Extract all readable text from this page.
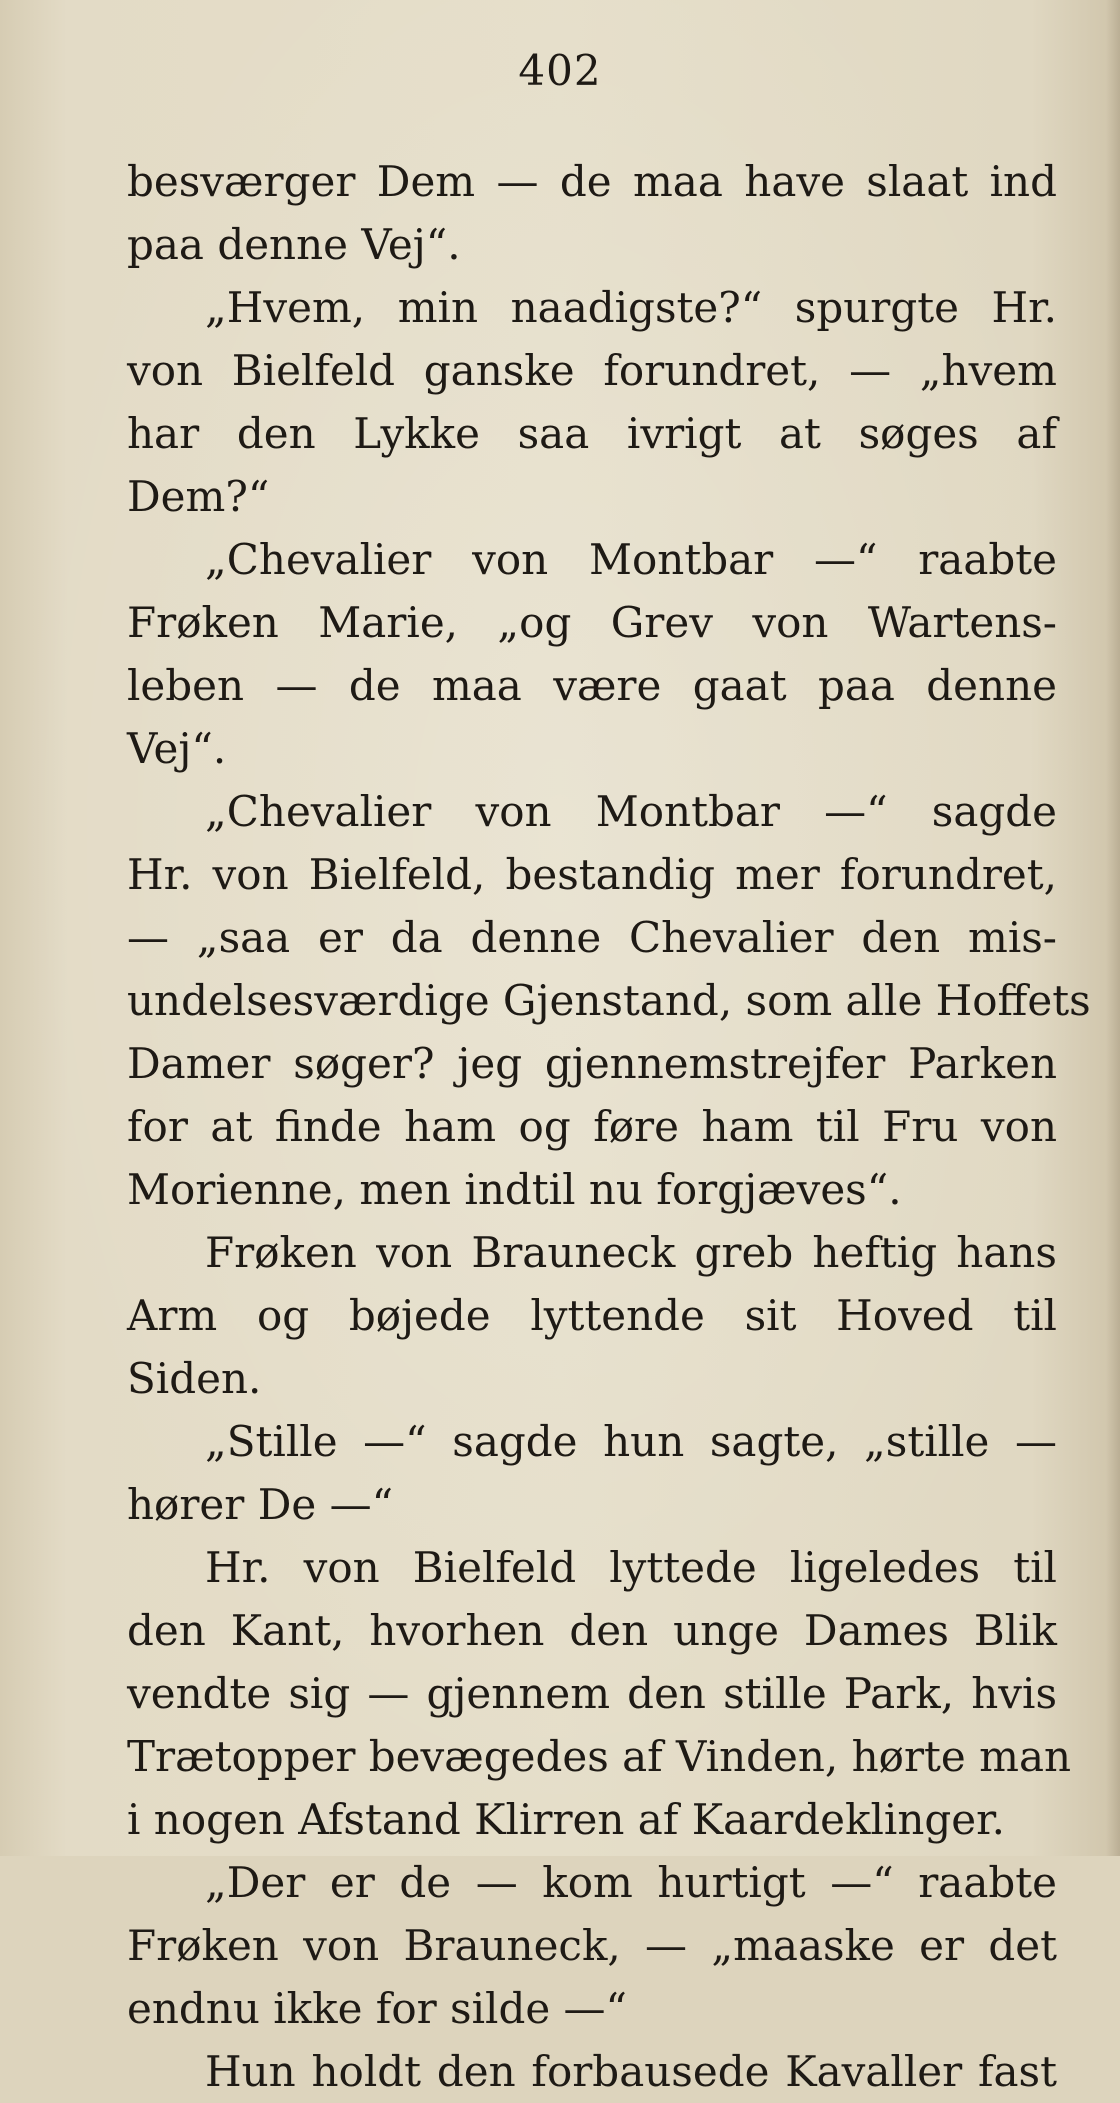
402
besværger Dem — de maa have slaat ind
paa denne Vej“.
„Hvem, min naadigste?“ spurgte Hr.
von Bielfeld ganske forundret, — „hvem
har den Lykke saa ivrigt at søges af
Dem?“
„Chevalier von Montbar —“ raabte
Frøken Marie, „og Grev von Wartens-
leben — de maa være gaat paa denne
Vej“.
„Chevalier von Montbar —“ sagde
Hr. von Bielfeld, bestandig mer forundret,
— „saa er da denne Chevalier den mis-
undelsesværdige Gjenstand, som alle Hoffets
Damer søger? jeg gjennemstrejfer Parken
for at finde ham og føre ham til Fru von
Morienne, men indtil nu forgjæves“.
Frøken von Brauneck greb heftig hans
Arm og bøjede lyttende sit Hoved til
Siden.
„Stille —“ sagde hun sagte, „stille —
hører De —“
Hr. von Bielfeld lyttede ligeledes til
den Kant, hvorhen den unge Dames Blik
vendte sig — gjennem den stille Park, hvis
Trætopper bevægedes af Vinden, hørte man
i nogen Afstand Klirren af Kaardeklinger.
„Der er de — kom hurtigt —“ raabte
Frøken von Brauneck, — „maaske er det
endnu ikke for silde —“
Hun holdt den forbausede Kavaller fast
